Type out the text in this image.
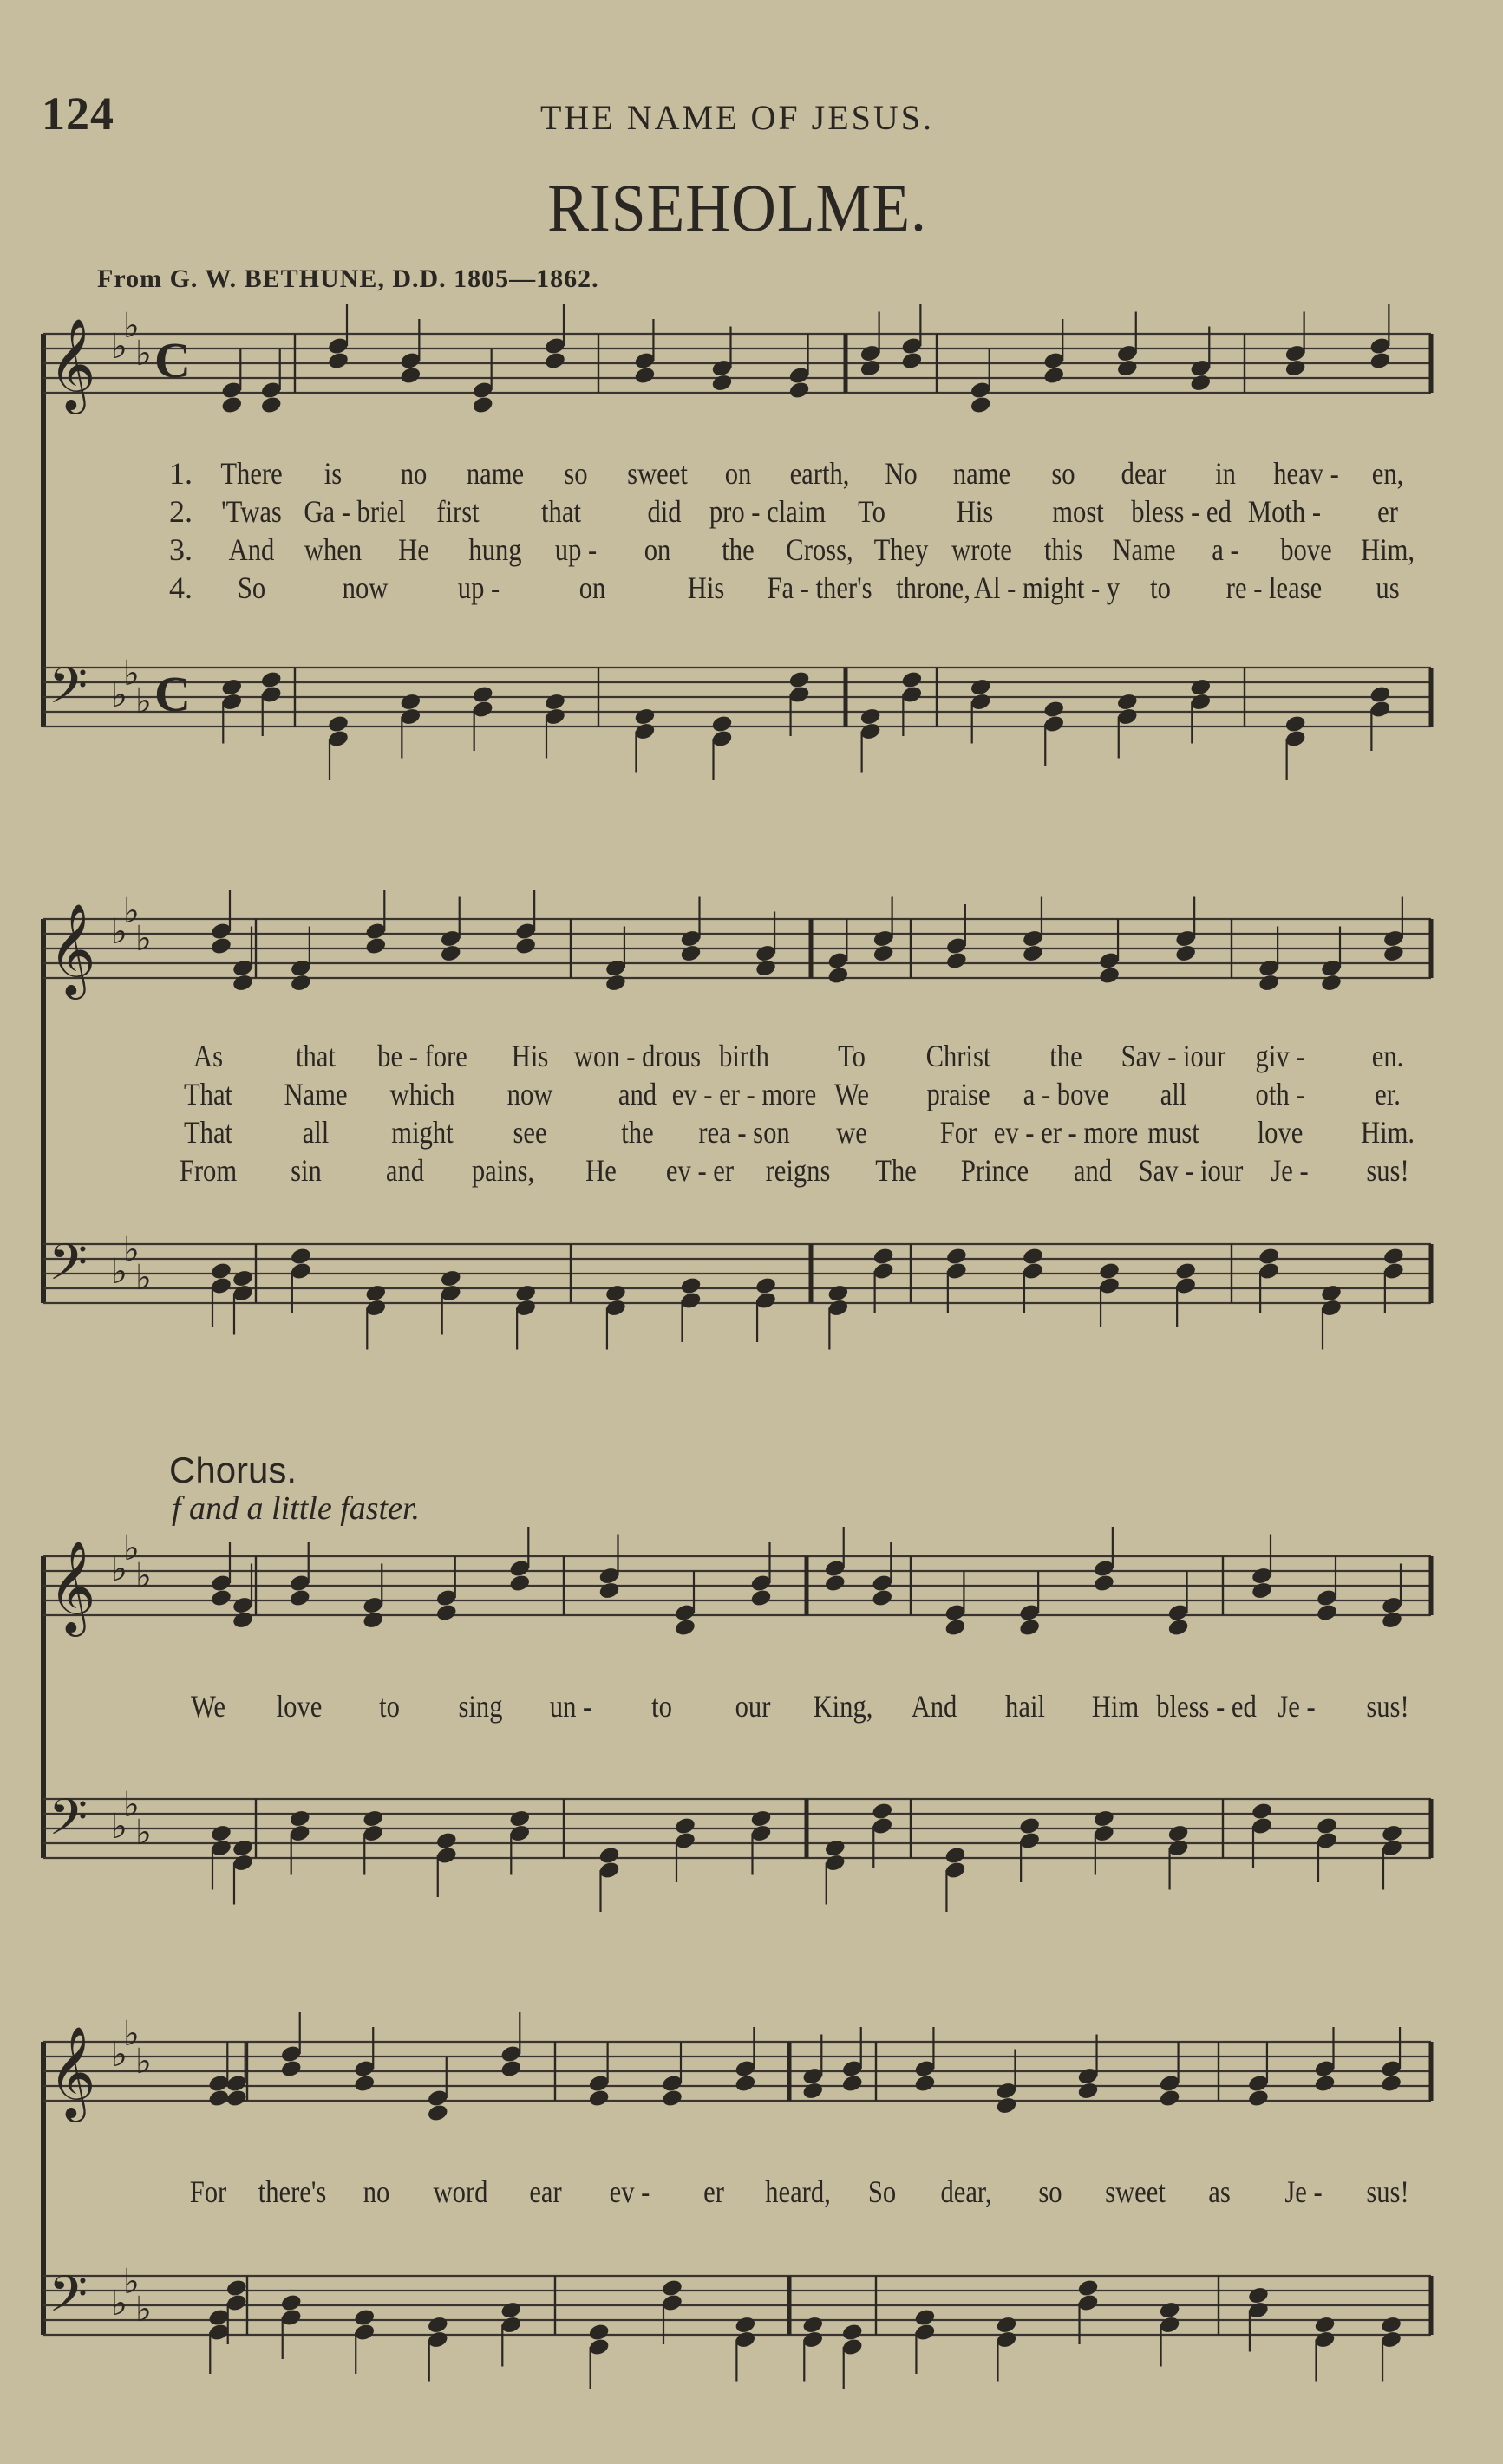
124	THE NAME OF JESUS.
RISEHOLME.
From G. W. BETHUNE, D.D. 1805—1862.
Chorus.
f and a little faster.
𝄞 ♭
♭
♭ C
𝄢 ♭
♭
♭ C
𝄞 ♭
♭
♭
𝄢 ♭
♭
♭
𝄞 ♭
♭
♭
𝄢 ♭
♭
♭
𝄞 ♭
♭
♭
𝄢 ♭
♭
♭
1. There is no name so sweet on earth, No name so dear in heav - en,
2. 'Twas Ga - briel first that did pro - claim To His most bless - ed Moth - er
3. And when He hung up - on the Cross, They wrote this Name a - bove Him,
4. So now up -	on	His Fa - ther's throne, Al - might - y to re - lease us
As that be - fore His won - drous birth To Christ the Sav - iour giv - en.
That Name which now and ev - er - more We praise a - bove all oth - er.
That all might see the rea - son we For ev - er - more must love Him.
From sin and pains, He ev - er reigns The Prince and Sav - iour Je - sus!
We love to sing un - to our King, And hail Him bless - ed Je - sus!
For there's no word ear ev - er heard, So dear, so sweet as Je - sus!
